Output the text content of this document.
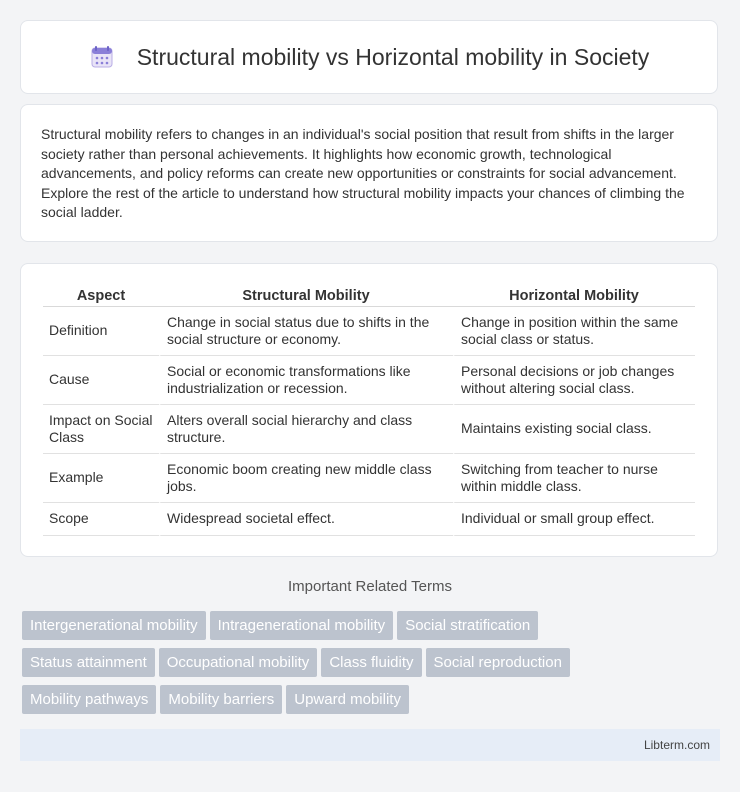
Structural mobility vs Horizontal mobility in Society

Structural mobility refers to changes in an individual's social position that result from shifts in the larger society rather than personal achievements. It highlights how economic growth, technological advancements, and policy reforms can create new opportunities or constraints for social advancement. Explore the rest of the article to understand how structural mobility impacts your chances of climbing the social ladder.

Aspect	Structural Mobility	Horizontal Mobility
Definition	Change in social status due to shifts in the social structure or economy.	Change in position within the same social class or status.
Cause	Social or economic transformations like industrialization or recession.	Personal decisions or job changes without altering social class.
Impact on Social Class	Alters overall social hierarchy and class structure.	Maintains existing social class.
Example	Economic boom creating new middle class jobs.	Switching from teacher to nurse within middle class.
Scope	Widespread societal effect.	Individual or small group effect.
Important Related Terms
Intergenerational mobility Intragenerational mobility Social stratification
Status attainment Occupational mobility Class fluidity Social reproduction
Mobility pathways Mobility barriers Upward mobility
Libterm.com
